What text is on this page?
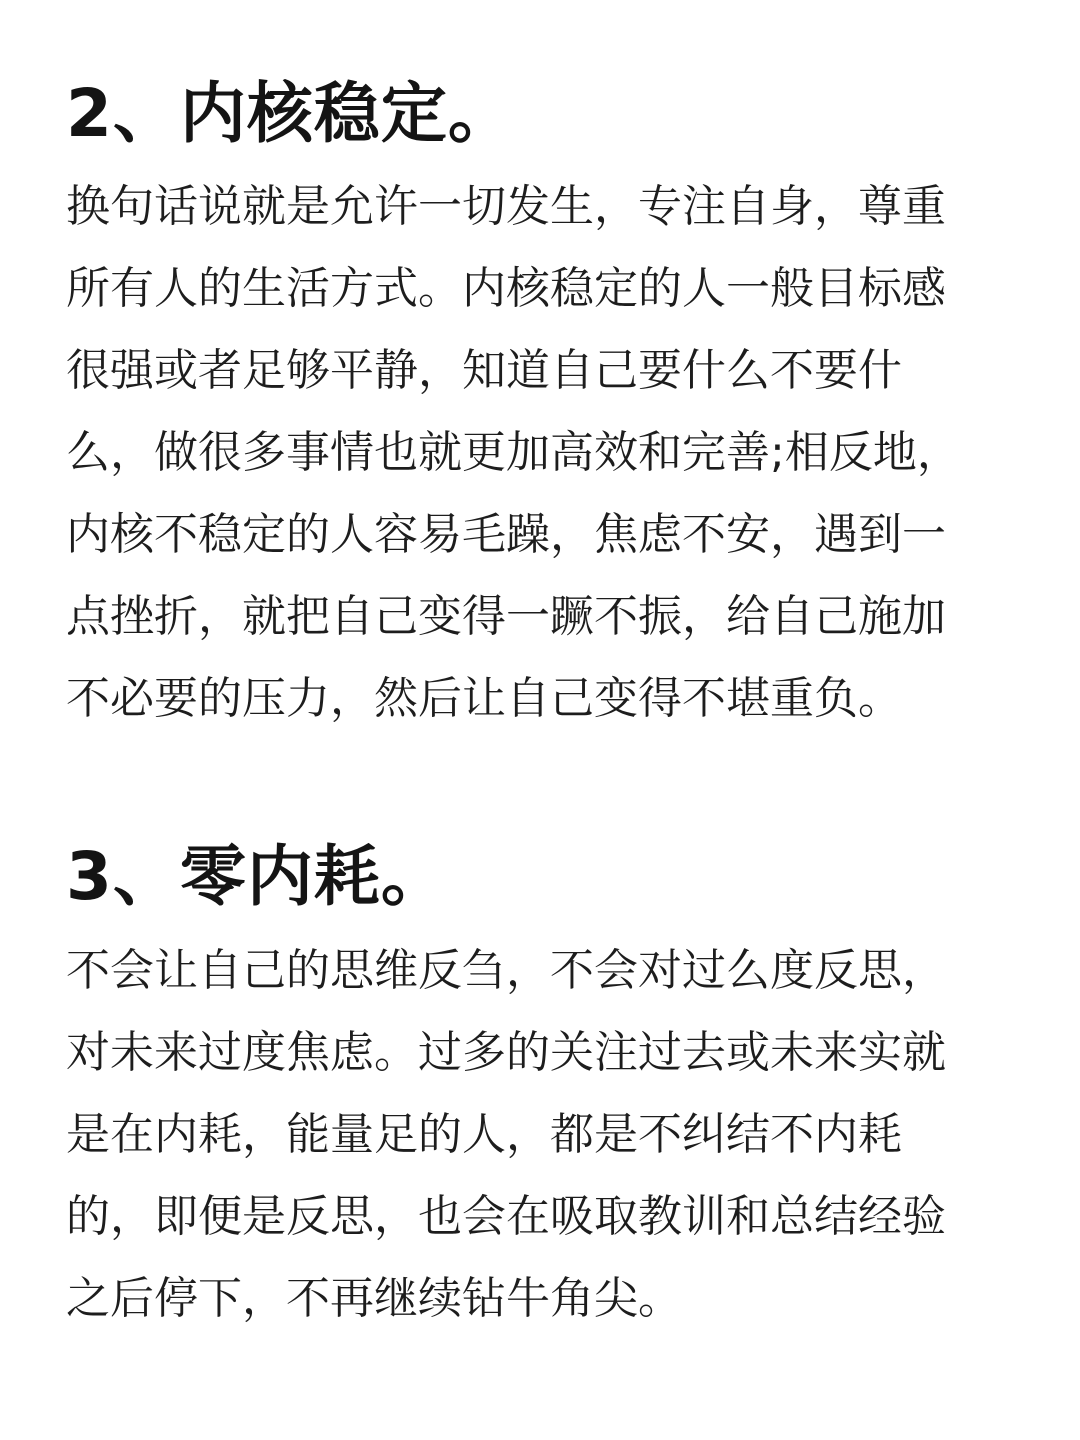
2、内核稳定。

换句话说就是允许一切发生，专注自身，尊重

所有人的生活方式。内核稳定的人一般目标感

很强或者足够平静，知道自己要什么不要什

么，做很多事情也就更加高效和完善;相反地，

内核不稳定的人容易毛躁，焦虑不安，遇到一

点挫折，就把自己变得一蹶不振，给自己施加

不必要的压力，然后让自己变得不堪重负。

3、零内耗。

不会让自己的思维反刍，不会对过么度反思，

对未来过度焦虑。过多的关注过去或未来实就

是在内耗，能量足的人，都是不纠结不内耗

的，即便是反思，也会在吸取教训和总结经验

之后停下，不再继续钻牛角尖。
